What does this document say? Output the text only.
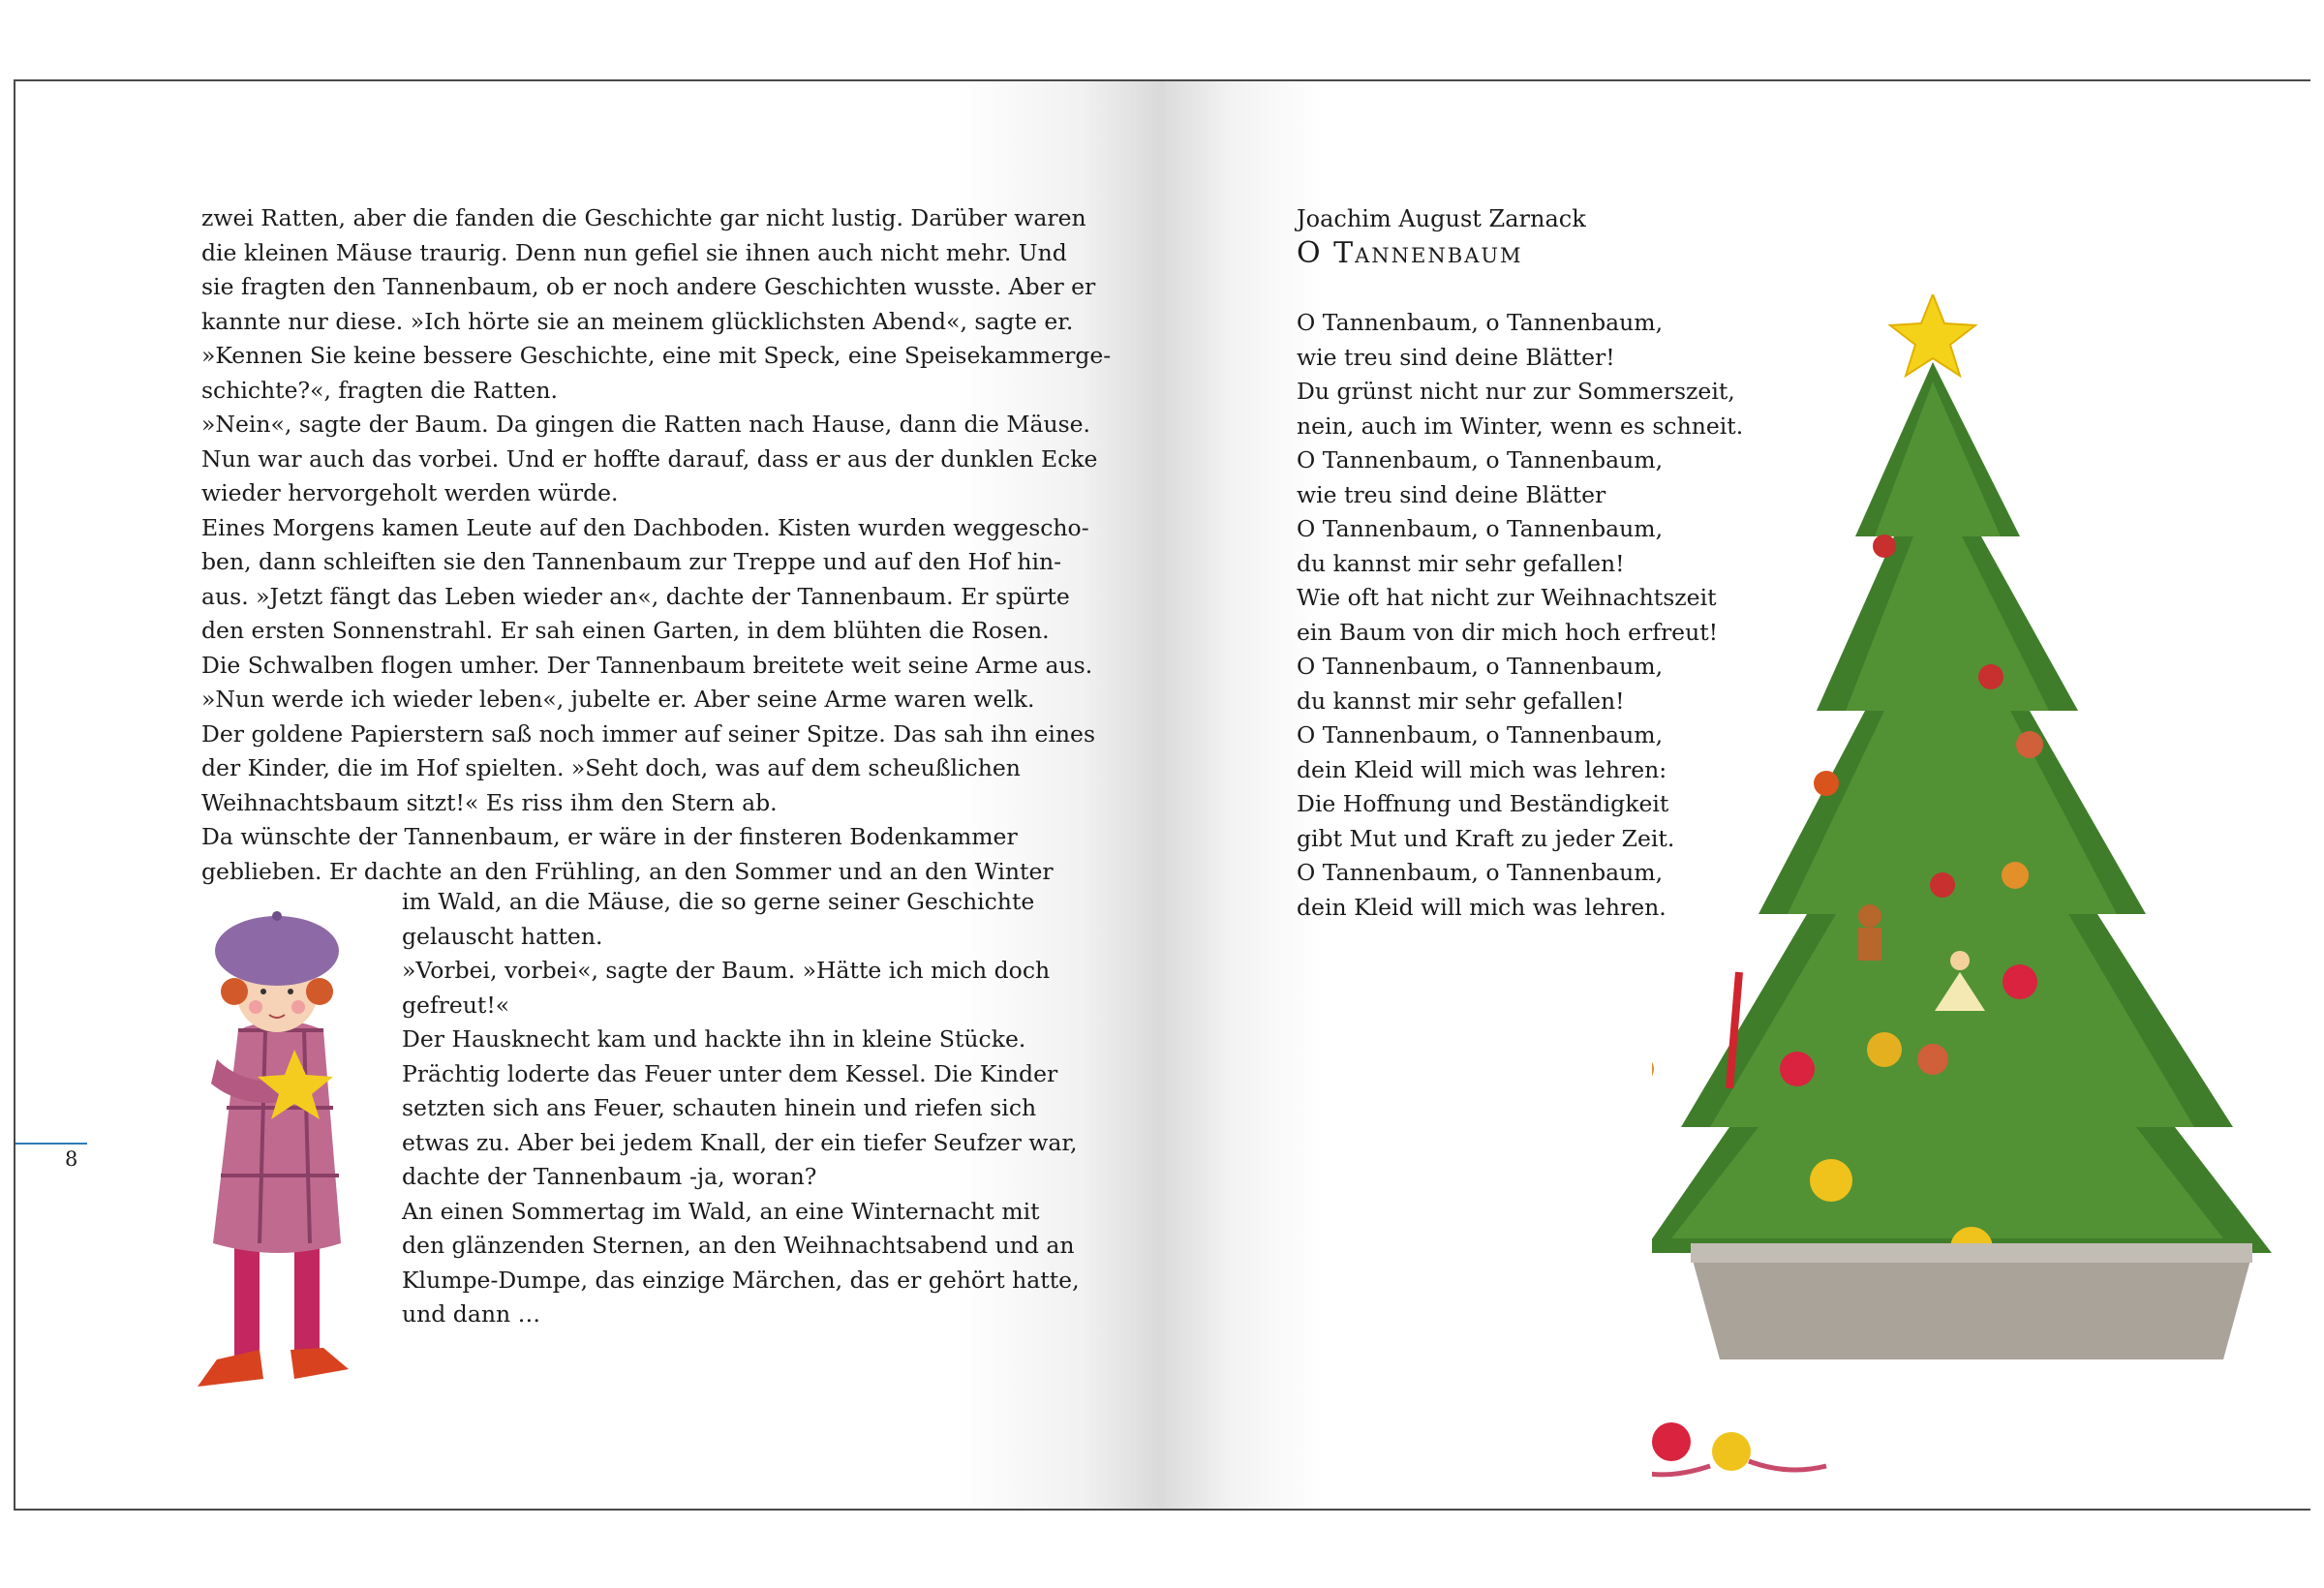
zwei Ratten, aber die fanden die Geschichte gar nicht lustig. Darüber waren
die kleinen Mäuse traurig. Denn nun gefiel sie ihnen auch nicht mehr. Und
sie fragten den Tannenbaum, ob er noch andere Geschichten wusste. Aber er
kannte nur diese. »Ich hörte sie an meinem glücklichsten Abend«, sagte er.
»Kennen Sie keine bessere Geschichte, eine mit Speck, eine Speisekammerge-
schichte?«, fragten die Ratten.
»Nein«, sagte der Baum. Da gingen die Ratten nach Hause, dann die Mäuse.
Nun war auch das vorbei. Und er hoffte darauf, dass er aus der dunklen Ecke
wieder hervorgeholt werden würde.
Eines Morgens kamen Leute auf den Dachboden. Kisten wurden weggescho-
ben, dann schleiften sie den Tannenbaum zur Treppe und auf den Hof hin-
aus. »Jetzt fängt das Leben wieder an«, dachte der Tannenbaum. Er spürte
den ersten Sonnenstrahl. Er sah einen Garten, in dem blühten die Rosen.
Die Schwalben flogen umher. Der Tannenbaum breitete weit seine Arme aus.
»Nun werde ich wieder leben«, jubelte er. Aber seine Arme waren welk.
Der goldene Papierstern saß noch immer auf seiner Spitze. Das sah ihn eines
der Kinder, die im Hof spielten. »Seht doch, was auf dem scheußlichen
Weihnachtsbaum sitzt!« Es riss ihm den Stern ab.
Da wünschte der Tannenbaum, er wäre in der finsteren Bodenkammer
geblieben. Er dachte an den Frühling, an den Sommer und an den Winter
im Wald, an die Mäuse, die so gerne seiner Geschichte
gelauscht hatten.
»Vorbei, vorbei«, sagte der Baum. »Hätte ich mich doch
gefreut!«
Der Hausknecht kam und hackte ihn in kleine Stücke.
Prächtig loderte das Feuer unter dem Kessel. Die Kinder
setzten sich ans Feuer, schauten hinein und riefen sich
etwas zu. Aber bei jedem Knall, der ein tiefer Seufzer war,
dachte der Tannenbaum -ja, woran?
An einen Sommertag im Wald, an eine Winternacht mit
den glänzenden Sternen, an den Weihnachtsabend und an
Klumpe-Dumpe, das einzige Märchen, das er gehört hatte,
und dann …
8
Joachim August Zarnack
O Tannenbaum
O Tannenbaum, o Tannenbaum,
wie treu sind deine Blätter!
Du grünst nicht nur zur Sommerszeit,
nein, auch im Winter, wenn es schneit.
O Tannenbaum, o Tannenbaum,
wie treu sind deine Blätter
O Tannenbaum, o Tannenbaum,
du kannst mir sehr gefallen!
Wie oft hat nicht zur Weihnachtszeit
ein Baum von dir mich hoch erfreut!
O Tannenbaum, o Tannenbaum,
du kannst mir sehr gefallen!
O Tannenbaum, o Tannenbaum,
dein Kleid will mich was lehren:
Die Hoffnung und Beständigkeit
gibt Mut und Kraft zu jeder Zeit.
O Tannenbaum, o Tannenbaum,
dein Kleid will mich was lehren.
